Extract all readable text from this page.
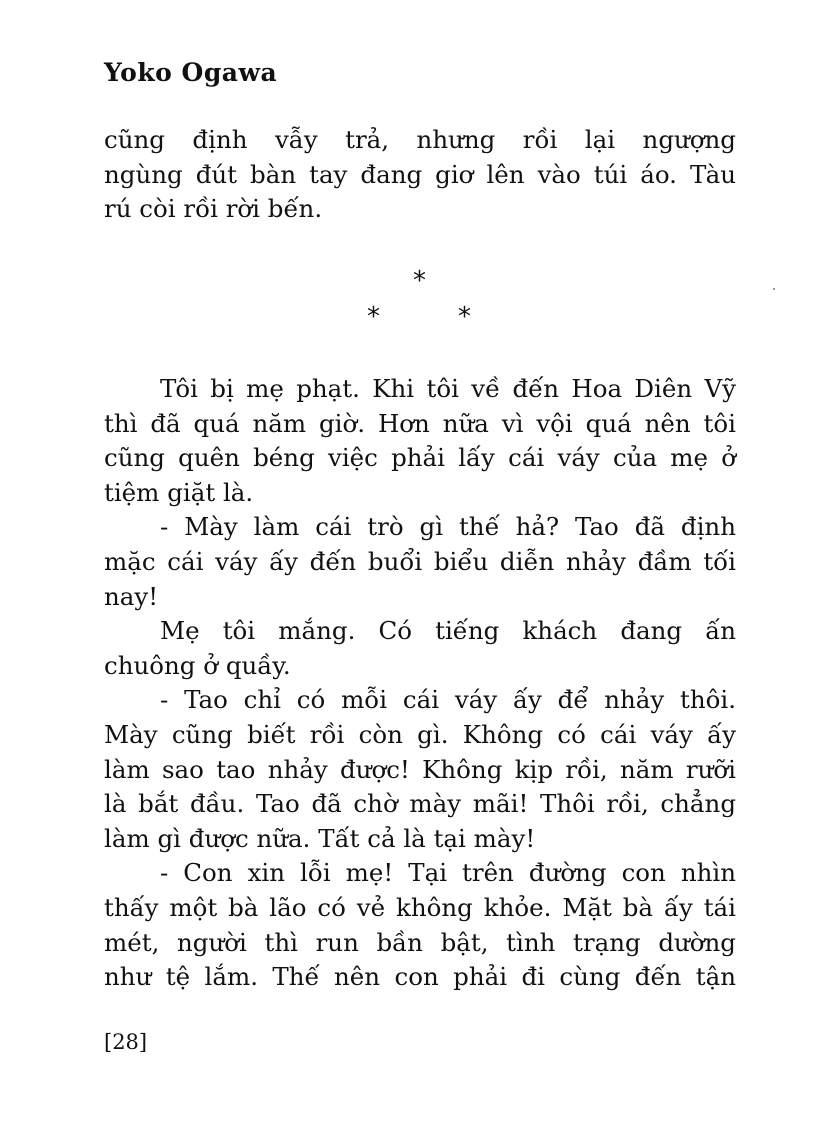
Yoko Ogawa
cũng định vẫy trả, nhưng rồi lại ngượng
ngùng đút bàn tay đang giơ lên vào túi áo. Tàu
rú còi rồi rời bến.
*
*	*
Tôi bị mẹ phạt. Khi tôi về đến Hoa Diên Vỹ
thì đã quá năm giờ. Hơn nữa vì vội quá nên tôi
cũng quên béng việc phải lấy cái váy của mẹ ở
tiệm giặt là.
- Mày làm cái trò gì thế hả? Tao đã định
mặc cái váy ấy đến buổi biểu diễn nhảy đầm tối
nay!
Mẹ tôi mắng. Có tiếng khách đang ấn
chuông ở quầy.
- Tao chỉ có mỗi cái váy ấy để nhảy thôi.
Mày cũng biết rồi còn gì. Không có cái váy ấy
làm sao tao nhảy được! Không kịp rồi, năm rưỡi
là bắt đầu. Tao đã chờ mày mãi! Thôi rồi, chẳng
làm gì được nữa. Tất cả là tại mày!
- Con xin lỗi mẹ! Tại trên đường con nhìn
thấy một bà lão có vẻ không khỏe. Mặt bà ấy tái
mét, người thì run bần bật, tình trạng dường
như tệ lắm. Thế nên con phải đi cùng đến tận
[28]
